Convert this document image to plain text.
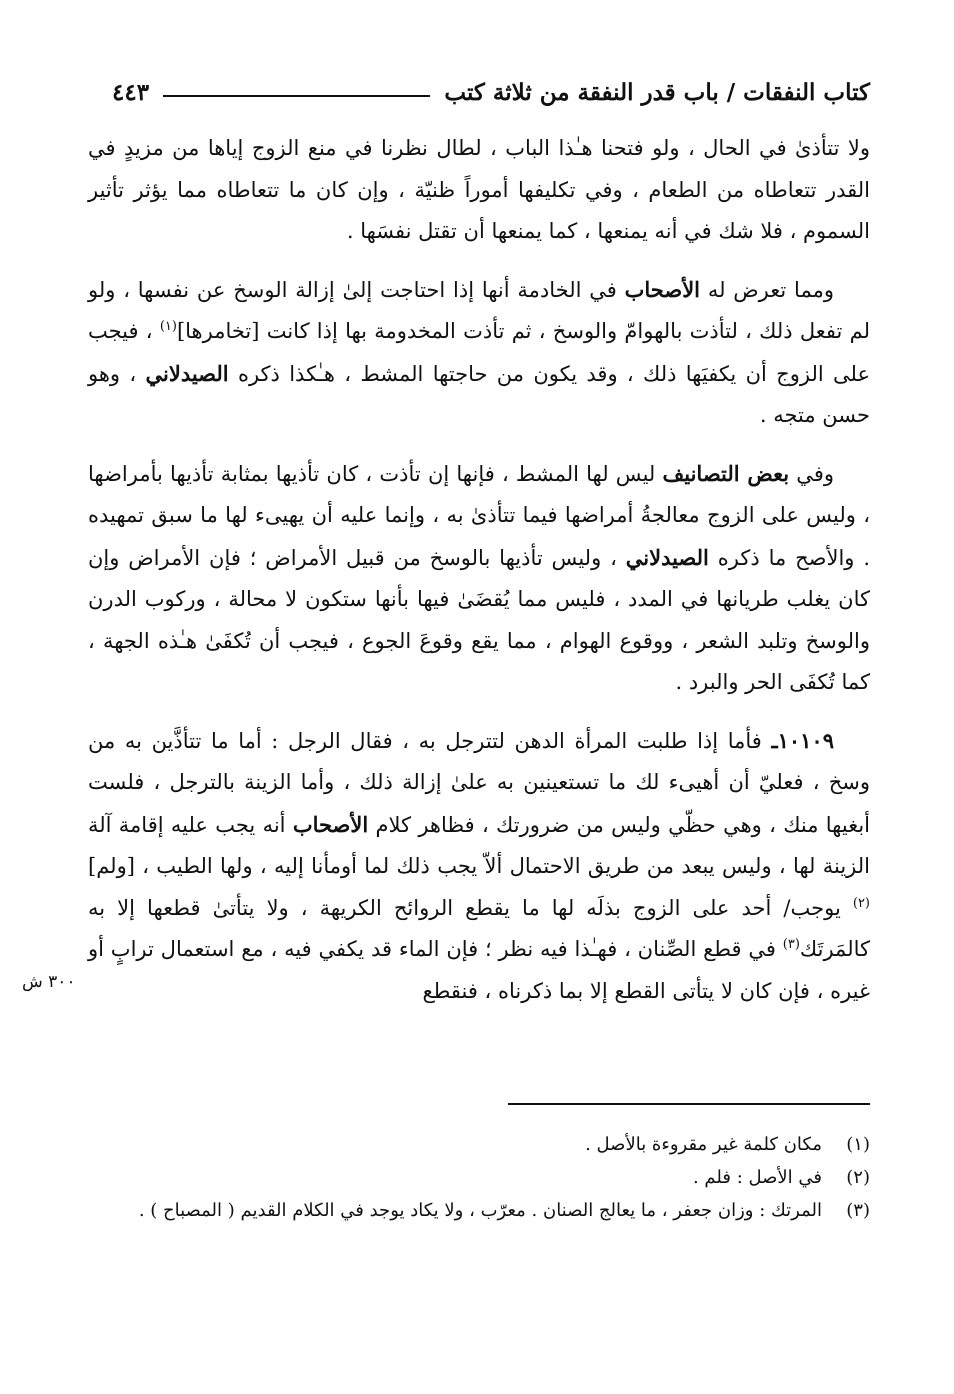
كتاب النفقات / باب قدر النفقة من ثلاثة كتب
٤٤٣

ولا تتأذىٰ في الحال ، ولو فتحنا هـٰذا الباب ، لطال نظرنا في منع الزوج إياها من مزيدٍ في القدر تتعاطاه من الطعام ، وفي تكليفها أموراً ظنيّة ، وإن كان ما تتعاطاه مما يؤثر تأثير السموم ، فلا شك في أنه يمنعها ، كما يمنعها أن تقتل نفسَها .

ومما تعرض له الأصحاب في الخادمة أنها إذا احتاجت إلىٰ إزالة الوسخ عن نفسها ، ولو لم تفعل ذلك ، لتأذت بالهوامّ والوسخ ، ثم تأذت المخدومة بها إذا كانت [تخامرها]$^{(١)}$ ، فيجب على الزوج أن يكفيَها ذلك ، وقد يكون من حاجتها المشط ، هـٰكذا ذكره الصيدلاني ، وهو حسن متجه .

وفي بعض التصانيف ليس لها المشط ، فإنها إن تأذت ، كان تأذيها بمثابة تأذيها بأمراضها ، وليس على الزوج معالجةُ أمراضها فيما تتأذىٰ به ، وإنما عليه أن يهيىء لها ما سبق تمهيده . والأصح ما ذكره الصيدلاني ، وليس تأذيها بالوسخ من قبيل الأمراض ؛ فإن الأمراض وإن كان يغلب طريانها في المدد ، فليس مما يُقضَىٰ فيها بأنها ستكون لا محالة ، وركوب الدرن والوسخ وتلبد الشعر ، ووقوع الهوام ، مما يقع وقوعَ الجوع ، فيجب أن تُكفَىٰ هـٰذه الجهة ، كما تُكفَى الحر والبرد .

١٠١٠٩ـ فأما إذا طلبت المرأة الدهن لتترجل به ، فقال الرجل : أما ما تتأذَّين به من وسخ ، فعليّ أن أهيىء لك ما تستعينين به علىٰ إزالة ذلك ، وأما الزينة بالترجل ، فلست أبغيها منك ، وهي حظّي وليس من ضرورتك ، فظاهر كلام الأصحاب أنه يجب عليه إقامة آلة الزينة لها ، وليس يبعد من طريق الاحتمال ألاّ يجب ذلك لما أومأنا إليه ، ولها الطيب ، [ولم]$^{(٢)}$ يوجب/ أحد على الزوج بذلَه لها ما يقطع الروائح الكريهة ، ولا يتأتىٰ قطعها إلا به كالمَرتَك$^{(٣)}$ في قطع الصِّنان ، فهـٰذا فيه نظر ؛ فإن الماء قد يكفي فيه ، مع استعمال ترابٍ أو غيره ، فإن كان لا يتأتى القطع إلا بما ذكرناه ، فنقطع

٣٠٠ ش
(١)
مكان كلمة غير مقروءة بالأصل .
(٢)
في الأصل : فلم .
(٣)
المرتك : وزان جعفر ، ما يعالج الصنان . معرّب ، ولا يكاد يوجد في الكلام القديم ( المصباح ) .
